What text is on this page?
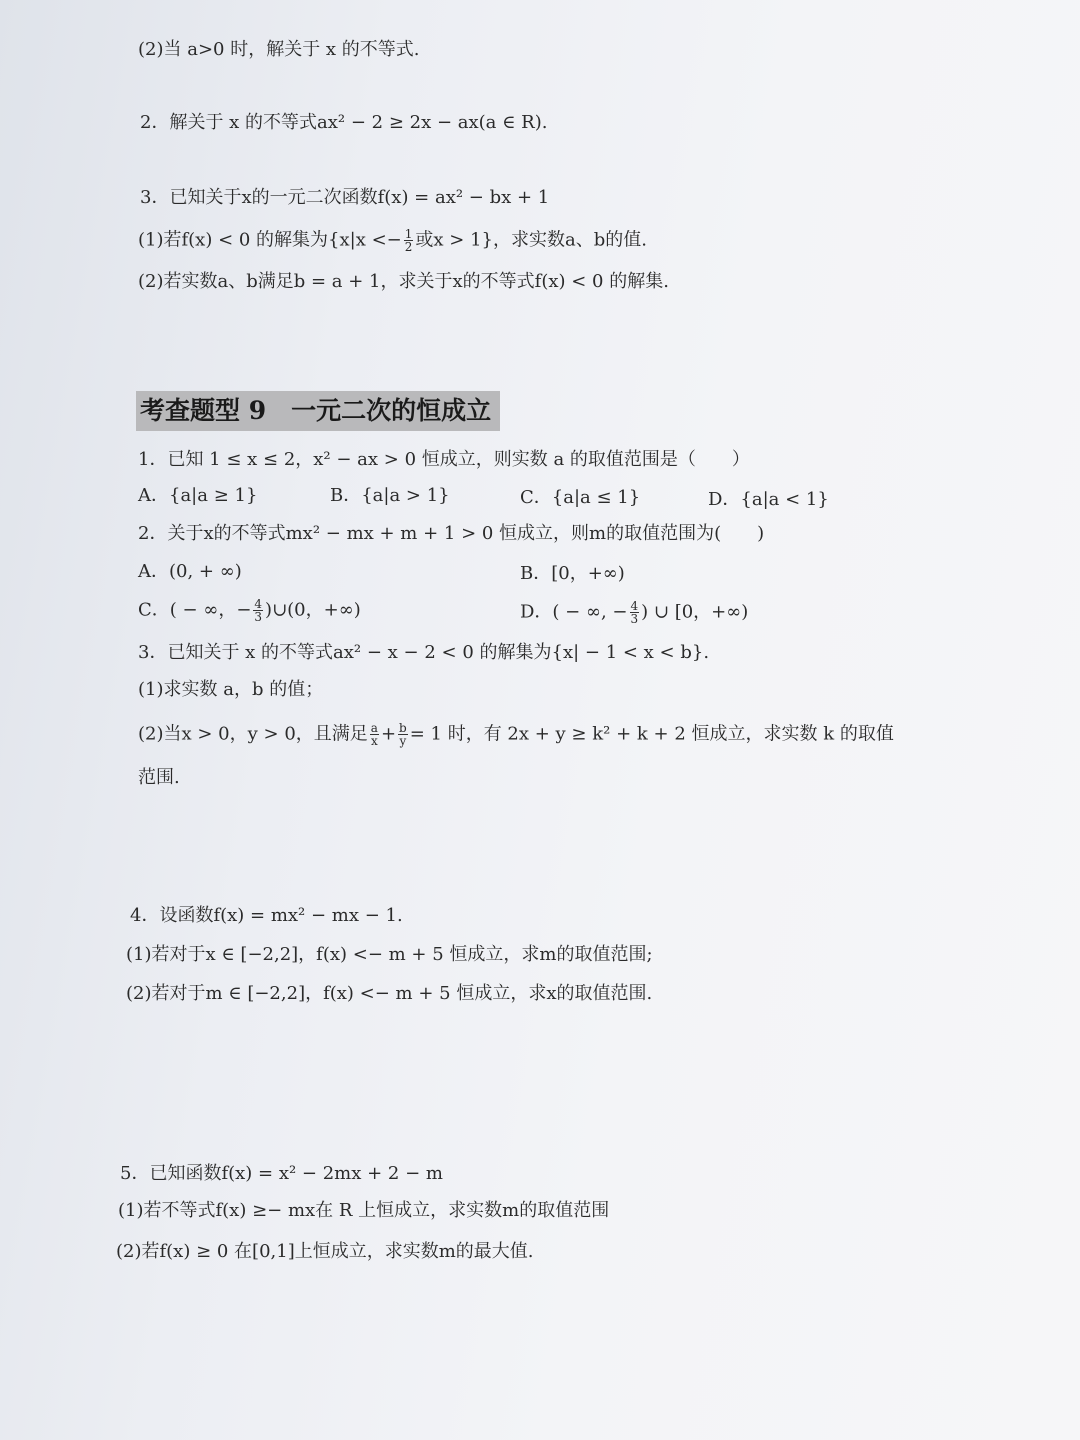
(2)当 a>0 时，解关于 x 的不等式.
2．解关于 x 的不等式ax² − 2 ≥ 2x − ax(a ∈ R).
3．已知关于x的一元二次函数f(x) = ax² − bx + 1
(1)若f(x) < 0 的解集为{$x|x <- \frac{1}{2}$ 或x > 1}，求实数a、b的值.
(2)若实数a、b满足b = a + 1，求关于x的不等式f(x) < 0 的解集.
考查题型 9　一元二次的恒成立
1．已知 1 ≤ x ≤ 2，x² − ax > 0 恒成立，则实数 a 的取值范围是（　　）
A．{a|a ≥ 1}	B．{a|a > 1}	C．{a|a ≤ 1}	D．{a|a < 1}
2．关于x的不等式mx² − mx + m + 1 > 0 恒成立，则m的取值范围为(　　)
A．(0, + ∞)	B．[0，+∞)
C．( − ∞，− $\frac{4}{3}$ )∪(0，+∞)	D．( − ∞, − $\frac{4}{3}$ ) ∪ [0，+∞)
3．已知关于 x 的不等式ax² − x − 2 < 0 的解集为{x| − 1 < x < b}.
(1)求实数 a，b 的值；
(2)当x > 0，y > 0，且满足 $\frac{a}{x} + \frac{b}{y} = 1$ 时，有 2x + y ≥ k² + k + 2 恒成立，求实数 k 的取值
范围.
4．设函数f(x) = mx² − mx − 1.
(1)若对于x ∈ [−2,2]，f(x) <− m + 5 恒成立，求m的取值范围;
(2)若对于m ∈ [−2,2]，f(x) <− m + 5 恒成立，求x的取值范围.
5．已知函数f(x) = x² − 2mx + 2 − m
(1)若不等式f(x) ≥− mx在 R 上恒成立，求实数m的取值范围
(2)若f(x) ≥ 0 在[0,1]上恒成立，求实数m的最大值.
